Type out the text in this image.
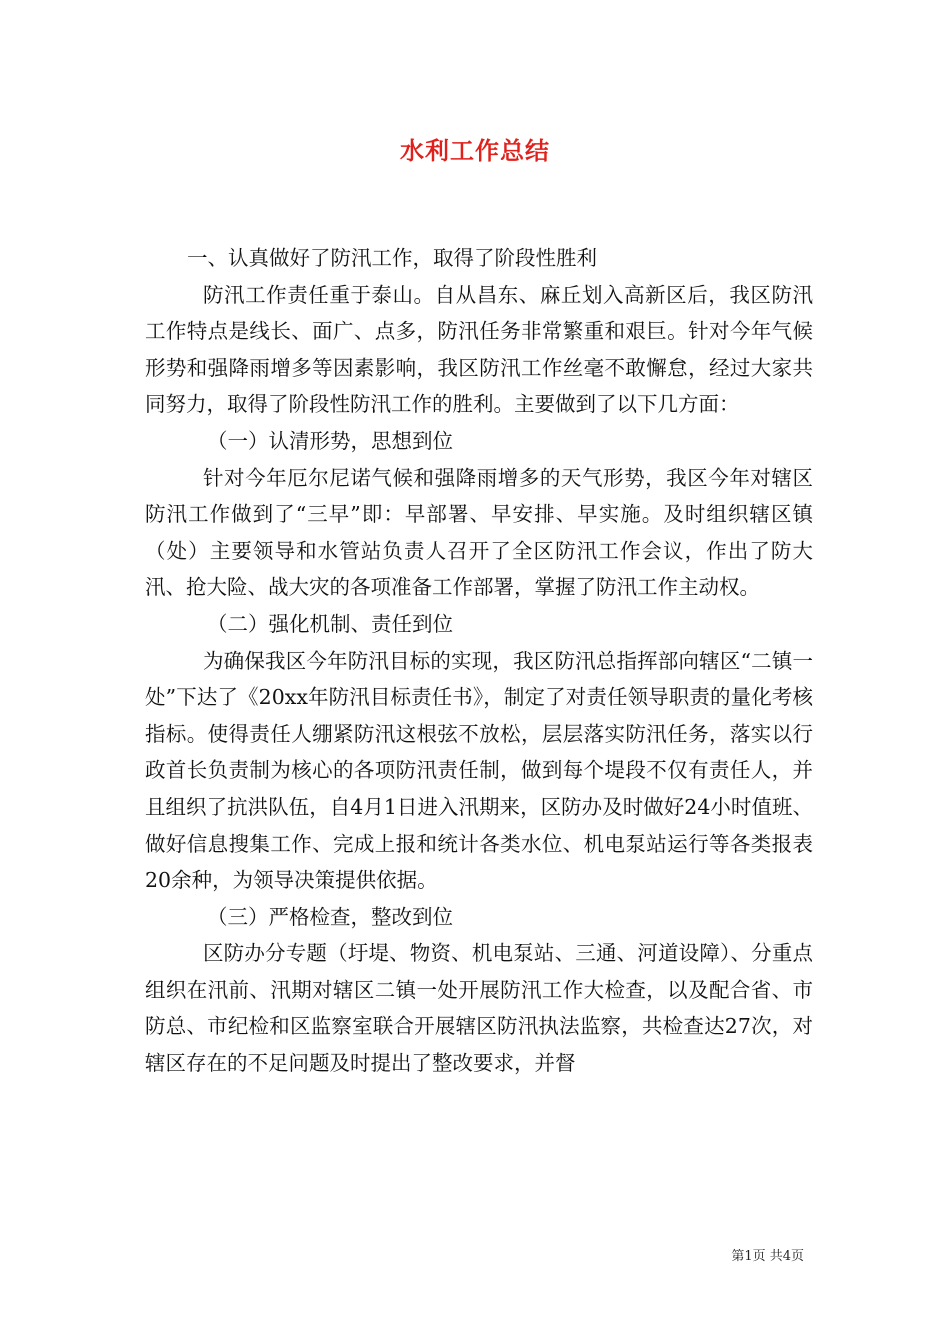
水利工作总结

一、认真做好了防汛工作，取得了阶段性胜利

防汛工作责任重于泰山。自从昌东、麻丘划入高新区后，我区防汛工作特点是线长、面广、点多，防汛任务非常繁重和艰巨。针对今年气候形势和强降雨增多等因素影响，我区防汛工作丝毫不敢懈怠，经过大家共同努力，取得了阶段性防汛工作的胜利。主要做到了以下几方面：

（一）认清形势，思想到位

针对今年厄尔尼诺气候和强降雨增多的天气形势，我区今年对辖区防汛工作做到了“三早”即：早部署、早安排、早实施。及时组织辖区镇（处）主要领导和水管站负责人召开了全区防汛工作会议，作出了防大汛、抢大险、战大灾的各项准备工作部署，掌握了防汛工作主动权。

（二）强化机制、责任到位

为确保我区今年防汛目标的实现，我区防汛总指挥部向辖区“二镇一处”下达了《20xx年防汛目标责任书》，制定了对责任领导职责的量化考核指标。使得责任人绷紧防汛这根弦不放松，层层落实防汛任务，落实以行政首长负责制为核心的各项防汛责任制，做到每个堤段不仅有责任人，并且组织了抗洪队伍，自4月1日进入汛期来，区防办及时做好24小时值班、做好信息搜集工作、完成上报和统计各类水位、机电泵站运行等各类报表20余种，为领导决策提供依据。

（三）严格检查，整改到位

区防办分专题（圩堤、物资、机电泵站、三通、河道设障）、分重点组织在汛前、汛期对辖区二镇一处开展防汛工作大检查，以及配合省、市防总、市纪检和区监察室联合开展辖区防汛执法监察，共检查达27次，对辖区存在的不足问题及时提出了整改要求，并督

第1页 共4页
